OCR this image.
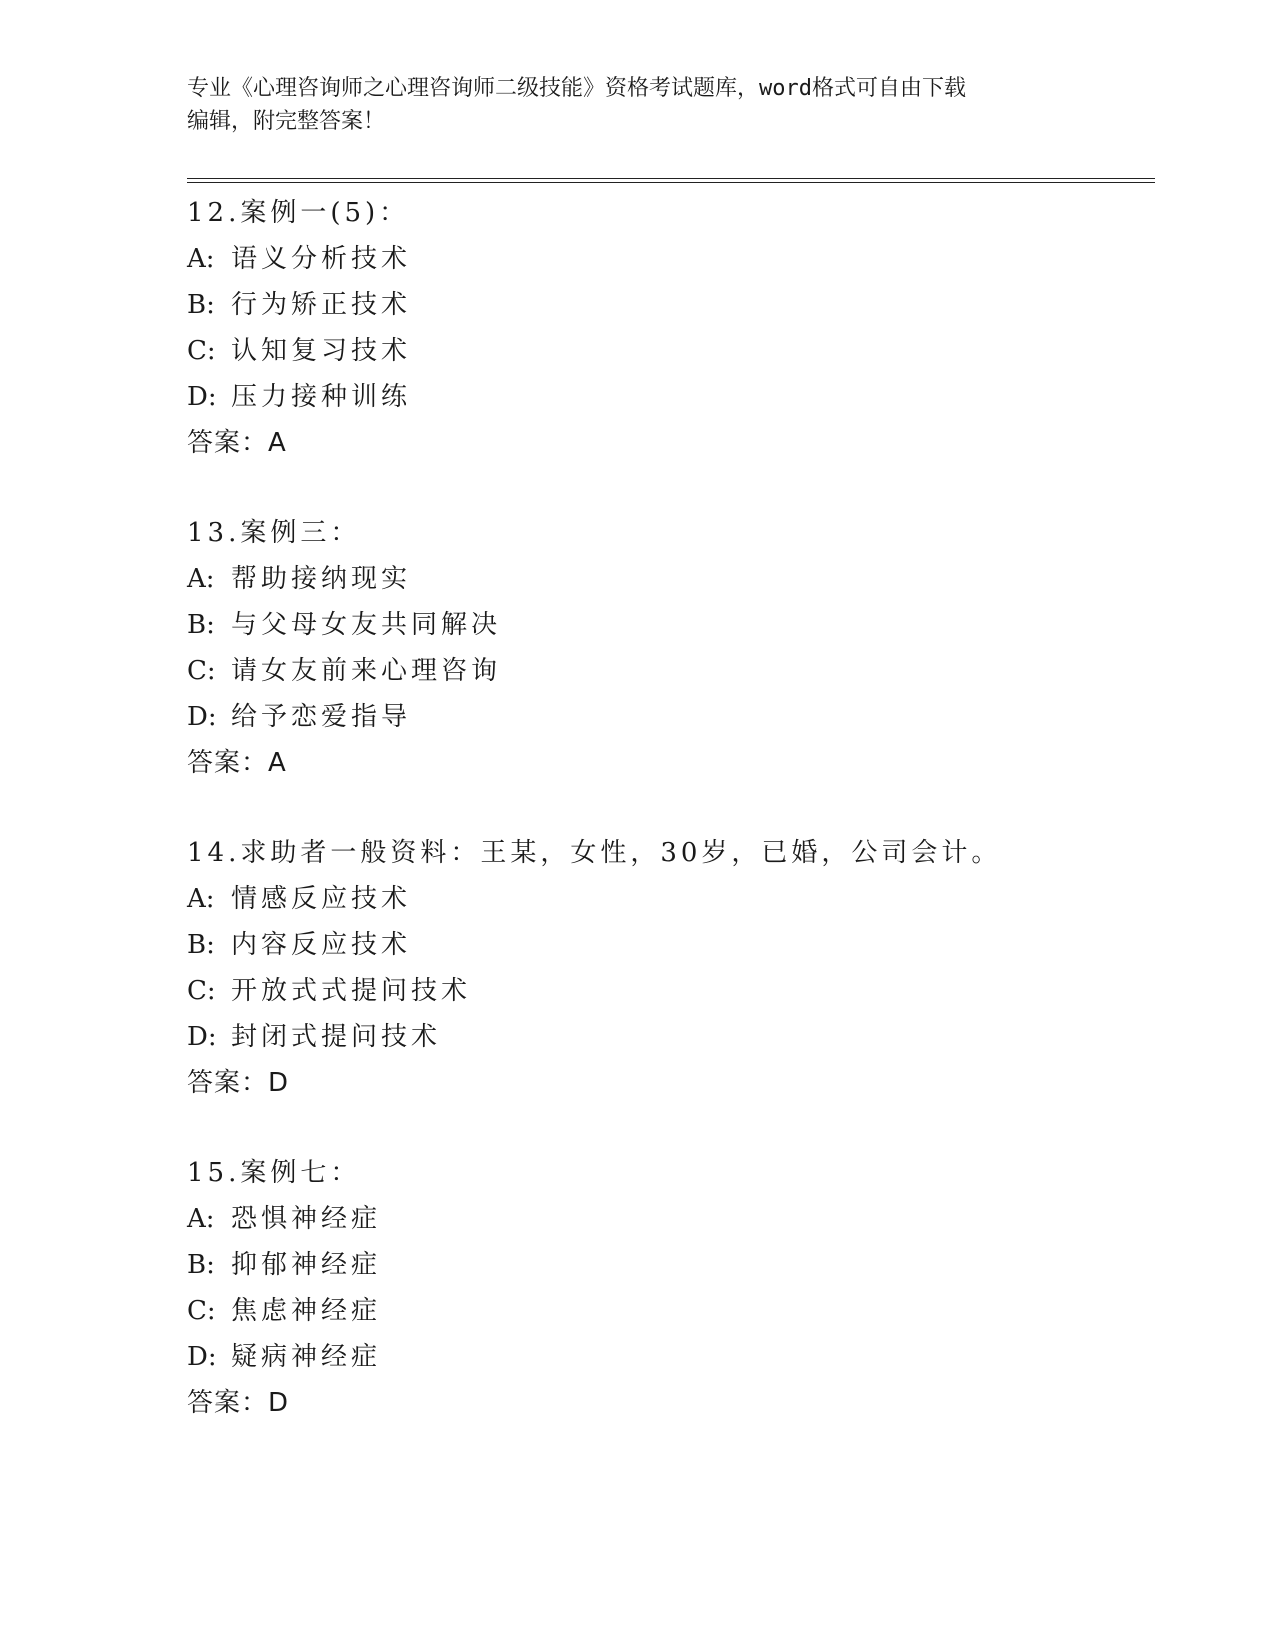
专业《心理咨询师之心理咨询师二级技能》资格考试题库，word格式可自由下载
编辑，附完整答案！
12.案例一(5)：
A: 语义分析技术
B: 行为矫正技术
C: 认知复习技术
D: 压力接种训练
答案：A
13.案例三：
A: 帮助接纳现实
B: 与父母女友共同解决
C: 请女友前来心理咨询
D: 给予恋爱指导
答案：A
14.求助者一般资料：王某，女性，30岁，已婚，公司会计。
A: 情感反应技术
B: 内容反应技术
C: 开放式式提问技术
D: 封闭式提问技术
答案：D
15.案例七：
A: 恐惧神经症
B: 抑郁神经症
C: 焦虑神经症
D: 疑病神经症
答案：D
